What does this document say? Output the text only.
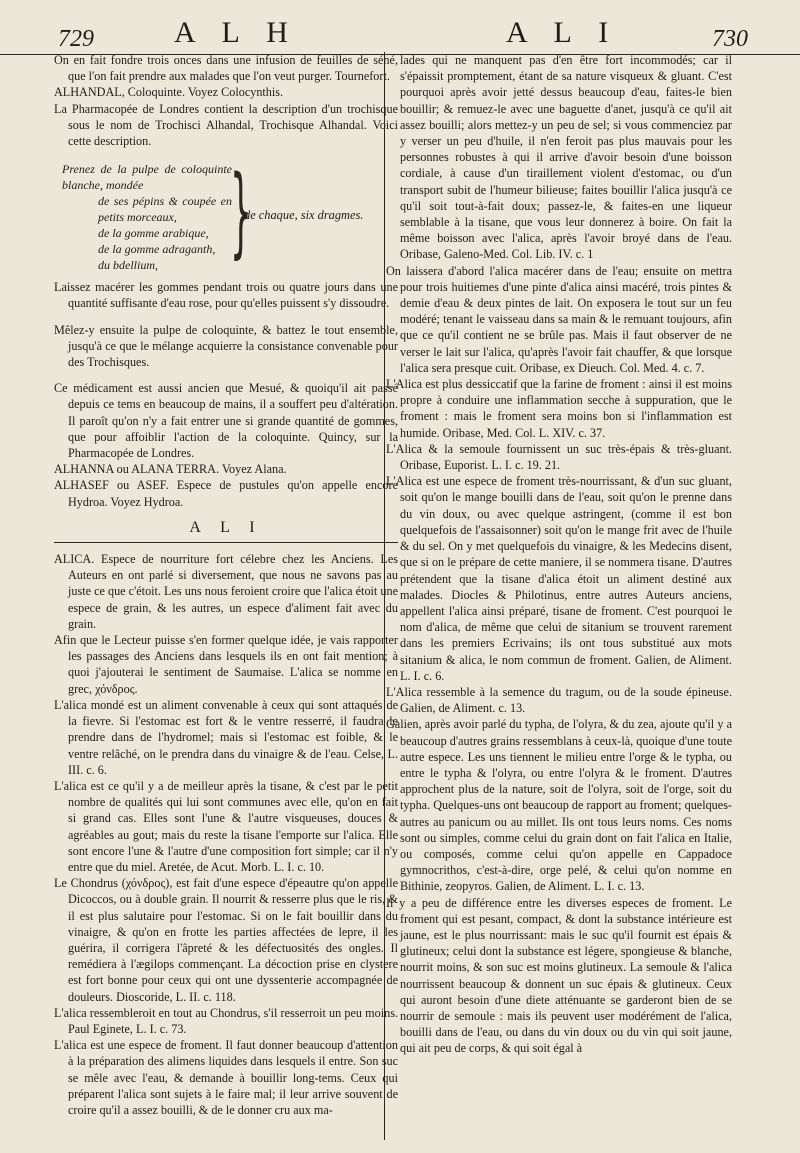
729	A L H	A L I	730

On en fait fondre trois onces dans une infusion de feuilles de séné, que l'on fait prendre aux malades que l'on veut purger. Tournefort.

ALHANDAL, Coloquinte. Voyez Colocynthis.

La Pharmacopée de Londres contient la description d'un trochisque sous le nom de Trochisci Alhandal, Trochisque Alhandal. Voici cette description.

Prenez de la pulpe de coloquinte blanche, mondée
de ses pépins & coupée en petits morceaux,
de la gomme arabique,
de la gomme adraganth,
du bdellium, }
de chaque, six dragmes.

Laissez macérer les gommes pendant trois ou quatre jours dans une quantité suffisante d'eau rose, pour qu'elles puissent s'y dissoudre.

Mêlez-y ensuite la pulpe de coloquinte, & battez le tout ensemble, jusqu'à ce que le mélange acquierre la consistance convenable pour des Trochisques.

Ce médicament est aussi ancien que Mesué, & quoiqu'il ait passé depuis ce tems en beaucoup de mains, il a souffert peu d'altération. Il paroît qu'on n'y a fait entrer une si grande quantité de gommes, que pour affoiblir l'action de la coloquinte. Quincy, sur la Pharmacopée de Londres.

ALHANNA ou ALANA TERRA. Voyez Alana.

ALHASEF ou ASEF. Espece de pustules qu'on appelle encore Hydroa. Voyez Hydroa.

A L I

ALICA. Espece de nourriture fort célebre chez les Anciens. Les Auteurs en ont parlé si diversement, que nous ne savons pas au juste ce que c'étoit. Les uns nous feroient croire que l'alica étoit une espece de grain, & les autres, un espece d'aliment fait avec du grain.

Afin que le Lecteur puisse s'en former quelque idée, je vais rapporter les passages des Anciens dans lesquels ils en ont fait mention; à quoi j'ajouterai le sentiment de Saumaise. L'alica se nomme en grec, χόνδρος.

L'alica mondé est un aliment convenable à ceux qui sont attaqués de la fievre. Si l'estomac est fort & le ventre resserré, il faudra le prendre dans de l'hydromel; mais si l'estomac est foible, & le ventre relâché, on le prendra dans du vinaigre & de l'eau. Celse, L. III. c. 6.

L'alica est ce qu'il y a de meilleur après la tisane, & c'est par le petit nombre de qualités qui lui sont communes avec elle, qu'on en fait si grand cas. Elles sont l'une & l'autre visqueuses, douces & agréables au gout; mais du reste la tisane l'emporte sur l'alica. Elle sont encore l'une & l'autre d'une composition fort simple; car il n'y entre que du miel. Aretée, de Acut. Morb. L. I. c. 10.

Le Chondrus (χόνδρος), est fait d'une espece d'épeautre qu'on appelle Dicoccos, ou à double grain. Il nourrit & resserre plus que le ris, & il est plus salutaire pour l'estomac. Si on le fait bouillir dans du vinaigre, & qu'on en frotte les parties affectées de lepre, il les guérira, il corrigera l'âpreté & les défectuosités des ongles. Il remédiera à l'ægilops commençant. La décoction prise en clystere est fort bonne pour ceux qui ont une dyssenterie accompagnée de douleurs. Dioscoride, L. II. c. 118.

L'alica ressembleroit en tout au Chondrus, s'il resserroit un peu moins. Paul Eginete, L. I. c. 73.

L'alica est une espece de froment. Il faut donner beaucoup d'attention à la préparation des alimens liquides dans lesquels il entre. Son suc se mêle avec l'eau, & demande à bouillir long-tems. Ceux qui préparent l'alica sont sujets à le faire mal; il leur arrive souvent de croire qu'il a assez bouilli, & de le donner cru aux ma-

lades qui ne manquent pas d'en être fort incommodés; car il s'épaissit promptement, étant de sa nature visqueux & gluant. C'est pourquoi après avoir jetté dessus beaucoup d'eau, faites-le bien bouillir; & remuez-le avec une baguette d'anet, jusqu'à ce qu'il ait assez bouilli; alors mettez-y un peu de sel; si vous commenciez par y verser un peu d'huile, il n'en feroit pas plus mauvais pour les personnes robustes à qui il arrive d'avoir besoin d'une boisson cordiale, à cause d'un tiraillement violent d'estomac, ou d'un transport subit de l'humeur bilieuse; faites bouillir l'alica jusqu'à ce qu'il soit tout-à-fait doux; passez-le, & faites-en une liqueur semblable à la tisane, que vous leur donnerez à boire. On fait la même boisson avec l'alica, après l'avoir broyé dans de l'eau. Oribase, Galeno-Med. Col. Lib. IV. c. 1

On laissera d'abord l'alica macérer dans de l'eau; ensuite on mettra pour trois huitiemes d'une pinte d'alica ainsi macéré, trois pintes & demie d'eau & deux pintes de lait. On exposera le tout sur un feu modéré; tenant le vaisseau dans sa main & le remuant toujours, afin que ce qu'il contient ne se brûle pas. Mais il faut observer de ne verser le lait sur l'alica, qu'après l'avoir fait chauffer, & que lorsque l'alica sera presque cuit. Oribase, ex Dieuch. Col. Med. 4. c. 7.

L'Alica est plus dessiccatif que la farine de froment : ainsi il est moins propre à conduire une inflammation secche à suppuration, que le froment : mais le froment sera moins bon si l'inflammation est humide. Oribase, Med. Col. L. XIV. c. 37.

L'Alica & la semoule fournissent un suc très-épais & très-gluant. Oribase, Euporist. L. I. c. 19. 21.

L'Alica est une espece de froment très-nourrissant, & d'un suc gluant, soit qu'on le mange bouilli dans de l'eau, soit qu'on le prenne dans du vin doux, ou avec quelque astringent, (comme il est bon quelquefois de l'assaisonner) soit qu'on le mange frit avec de l'huile & du sel. On y met quelquefois du vinaigre, & les Medecins disent, que si on le prépare de cette maniere, il se nommera tisane. D'autres prétendent que la tisane d'alica étoit un aliment destiné aux malades. Diocles & Philotinus, entre autres Auteurs anciens, appellent l'alica ainsi préparé, tisane de froment. C'est pourquoi le nom d'alica, de même que celui de sitanium se trouvent rarement dans les premiers Ecrivains; ils ont tous substitué aux mots sitanium & alica, le nom commun de froment. Galien, de Aliment. L. I. c. 6.

L'Alica ressemble à la semence du tragum, ou de la soude épineuse. Galien, de Aliment. c. 13.

Galien, après avoir parlé du typha, de l'olyra, & du zea, ajoute qu'il y a beaucoup d'autres grains ressemblans à ceux-là, quoique d'une toute autre espece. Les uns tiennent le milieu entre l'orge & le typha, ou entre le typha & l'olyra, ou entre l'olyra & le froment. D'autres approchent plus de la nature, soit de l'olyra, soit de l'orge, soit du typha. Quelques-uns ont beaucoup de rapport au froment; quelques-autres au panicum ou au millet. Ils ont tous leurs noms. Ces noms sont ou simples, comme celui du grain dont on fait l'alica en Italie, ou composés, comme celui qu'on appelle en Cappadoce gymnocrithos, c'est-à-dire, orge pelé, & celui qu'on nomme en Bithinie, zeopyros. Galien, de Aliment. L. I. c. 13.

Il y a peu de différence entre les diverses especes de froment. Le froment qui est pesant, compact, & dont la substance intérieure est jaune, est le plus nourrissant: mais le suc qu'il fournit est épais & glutineux; celui dont la substance est légere, spongieuse & blanche, nourrit moins, & son suc est moins glutineux. La semoule & l'alica nourrissent beaucoup & donnent un suc épais & glutineux. Ceux qui auront besoin d'une diete atténuante se garderont bien de se nourrir de semoule : mais ils peuvent user modérément de l'alica, bouilli dans de l'eau, ou dans du vin doux ou du vin qui soit jaune, qui ait peu de corps, & qui soit égal à
